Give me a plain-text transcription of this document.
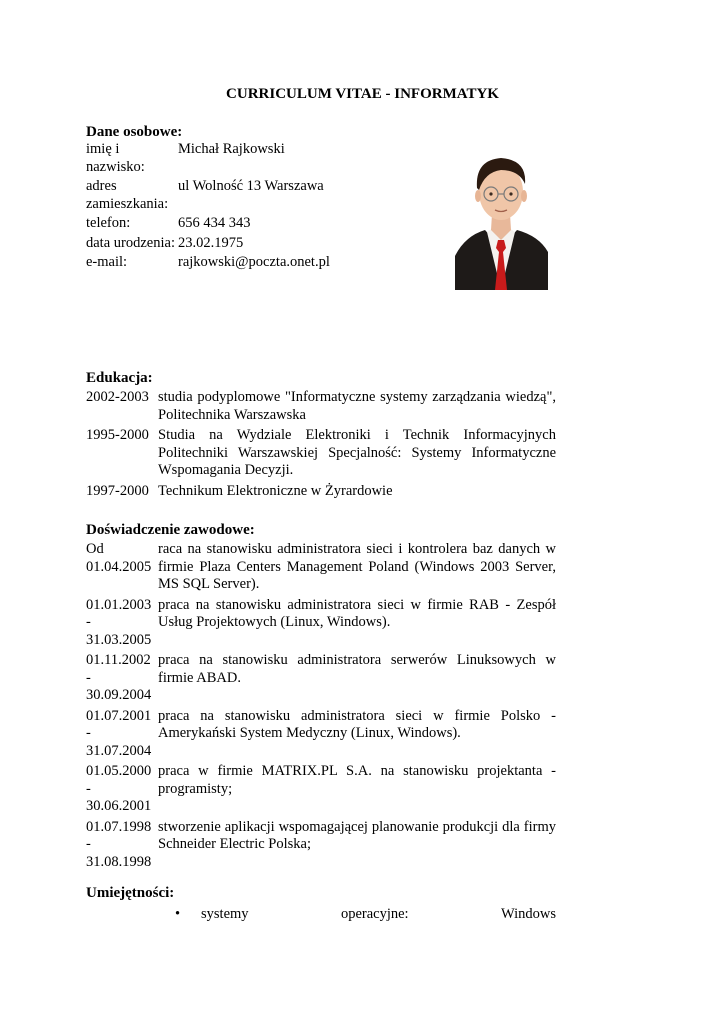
CURRICULUM VITAE - INFORMATYK
Dane osobowe:
imię i nazwisko:
Michał Rajkowski
adres zamieszkania:
ul Wolność 13 Warszawa
telefon:	656 434 343
data urodzenia: 23.02.1975
e-mail:	rajkowski@poczta.onet.pl
Edukacja:
2002-2003 studia podyplomowe "Informatyczne systemy zarządzania wiedzą", Politechnika Warszawska
1995-2000 Studia na Wydziale Elektroniki i Technik Informacyjnych Politechniki Warszawskiej Specjalność: Systemy Informatyczne Wspomagania Decyzji.
1997-2000 Technikum Elektroniczne w Żyrardowie
Doświadczenie zawodowe:
Od 01.04.2005
raca na stanowisku administratora sieci i kontrolera baz danych w firmie Plaza Centers Management Poland (Windows 2003 Server, MS SQL Server).
01.01.2003 - 31.03.2005
praca na stanowisku administratora sieci w firmie RAB - Zespół Usług Projektowych (Linux, Windows).
01.11.2002 - 30.09.2004
praca na stanowisku administratora serwerów Linuksowych w firmie ABAD.
01.07.2001 - 31.07.2004
praca na stanowisku administratora sieci w firmie Polsko - Amerykański System Medyczny (Linux, Windows).
01.05.2000 - 30.06.2001
praca w firmie MATRIX.PL S.A. na stanowisku projektanta - programisty;
01.07.1998 - 31.08.1998
stworzenie aplikacji wspomagającej planowanie produkcji dla firmy Schneider Electric Polska;
Umiejętności:
•	systemy	operacyjne:	Windows
